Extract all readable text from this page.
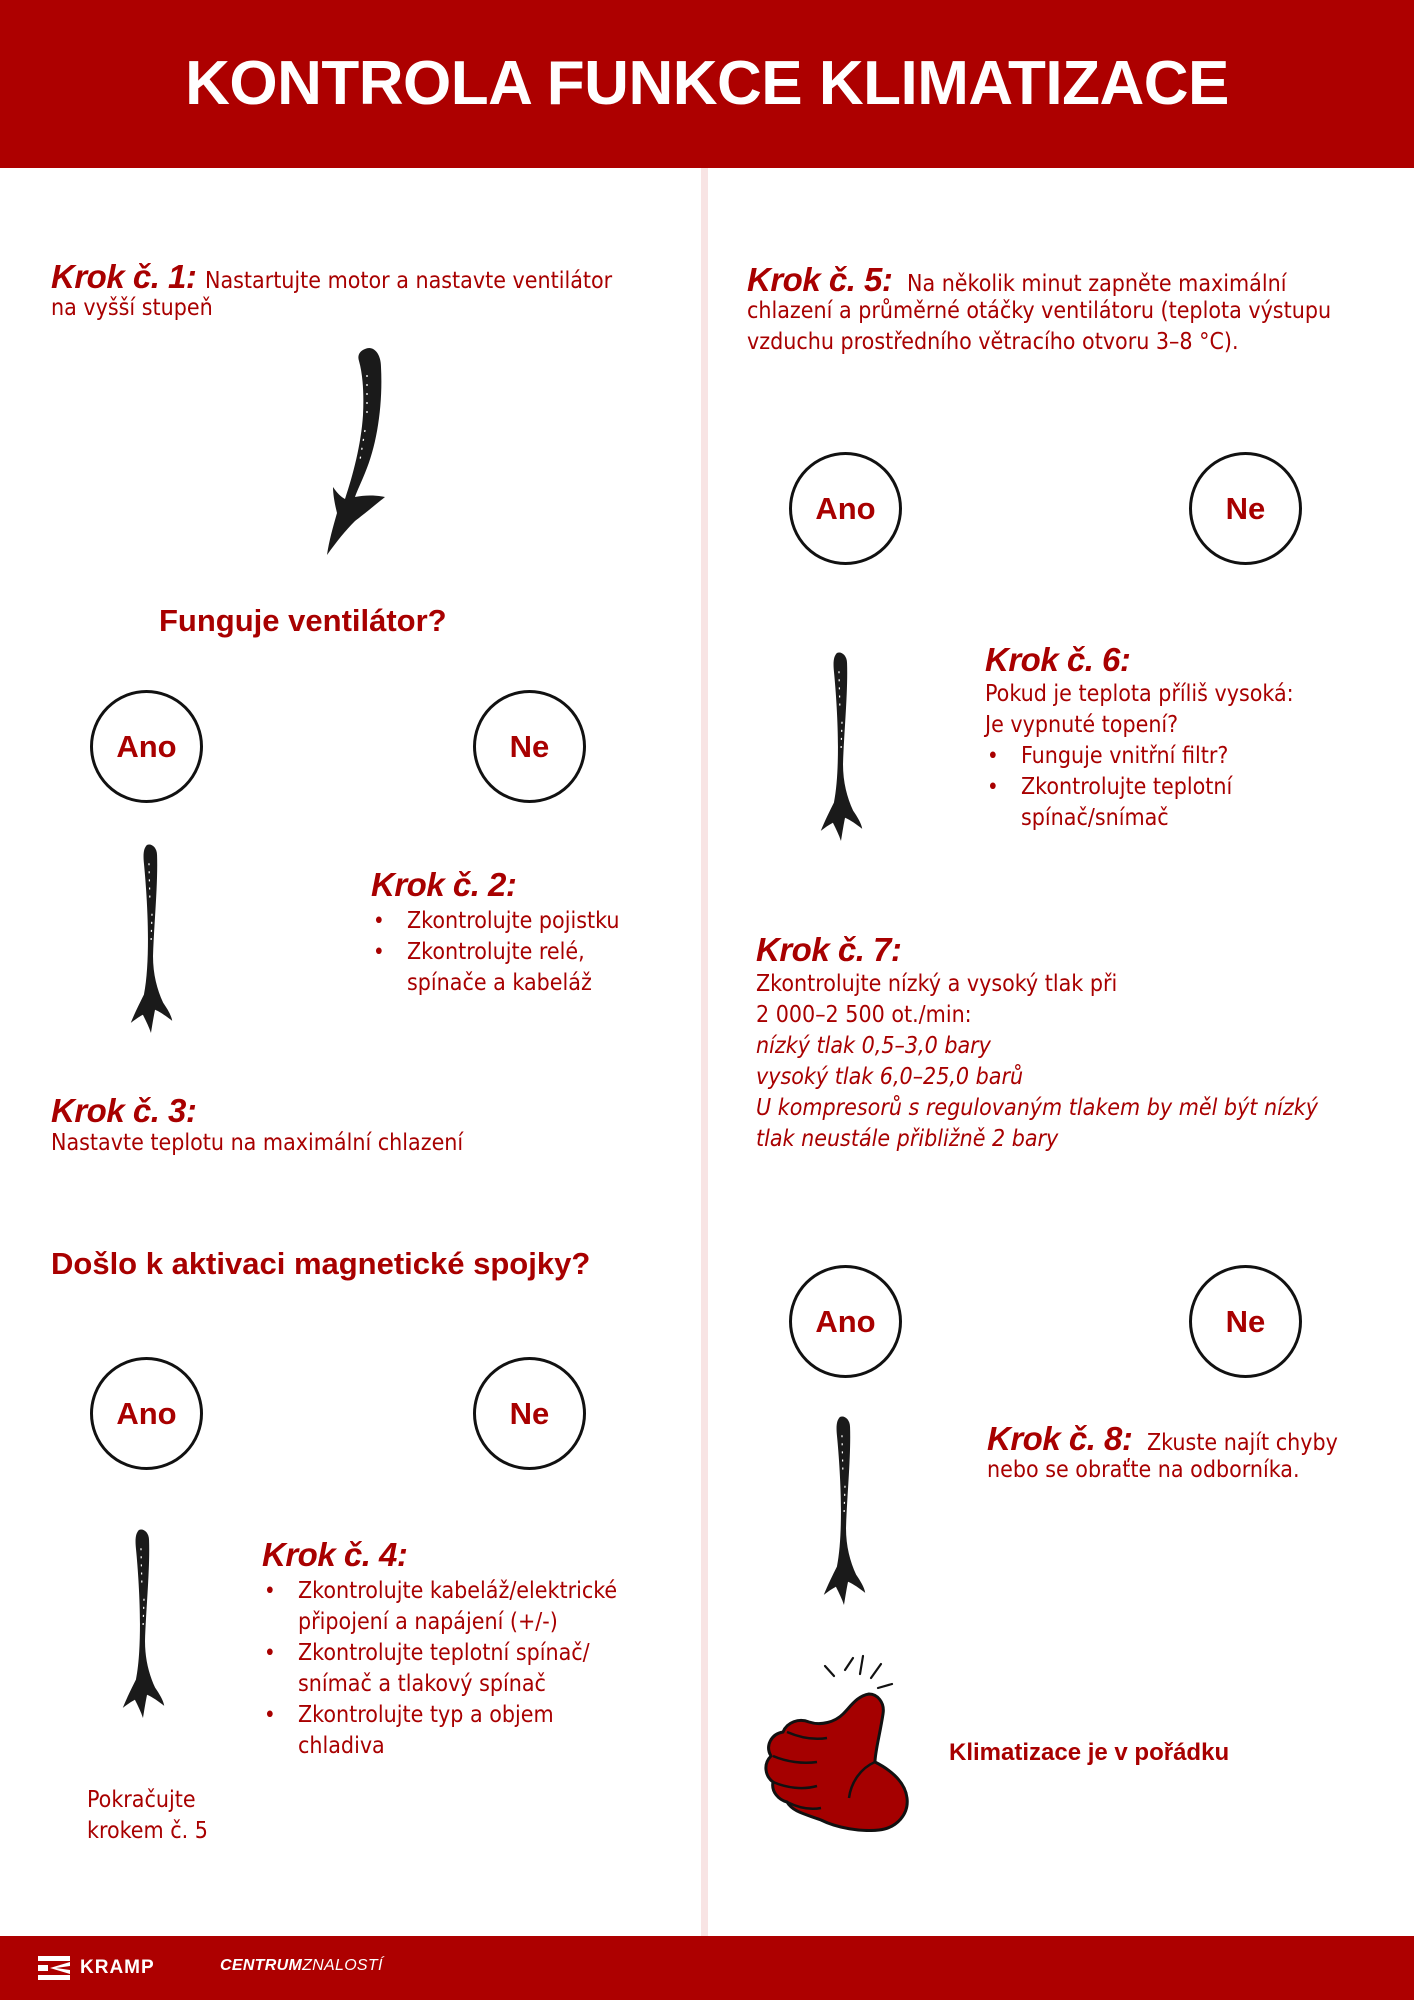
KONTROLA FUNKCE KLIMATIZACE
Krok č. 1: Nastartujte motor a nastavte ventilátor
na vyšší stupeň
Funguje ventilátor?
Ano	Ne
Krok č. 2:
• Zkontrolujte pojistku
• Zkontrolujte relé, spínače a kabeláž
Krok č. 3:
Nastavte teplotu na maximální chlazení
Došlo k aktivaci magnetické spojky?
Ano	Ne
Krok č. 4:
• Zkontrolujte kabeláž/elektrické připojení a napájení (+/-)
• Zkontrolujte teplotní spínač/ snímač a tlakový spínač
• Zkontrolujte typ a objem chladiva
Pokračujte
krokem č. 5
Krok č. 5: Na několik minut zapněte maximální
chlazení a průměrné otáčky ventilátoru (teplota výstupu
vzduchu prostředního větracího otvoru 3–8 °C).
Ano	Ne
Krok č. 6:
Pokud je teplota příliš vysoká:
Je vypnuté topení?
• Funguje vnitřní filtr?
• Zkontrolujte teplotní spínač/snímač
Krok č. 7:
Zkontrolujte nízký a vysoký tlak při
2 000–2 500 ot./min:
nízký tlak 0,5–3,0 bary
vysoký tlak 6,0–25,0 barů
U kompresorů s regulovaným tlakem by měl být nízký
tlak neustále přibližně 2 bary
Ano	Ne
Krok č. 8: Zkuste najít chyby
nebo se obraťte na odborníka.
Klimatizace je v pořádku
KRAMP	CENTRUMZNALOSTÍ
